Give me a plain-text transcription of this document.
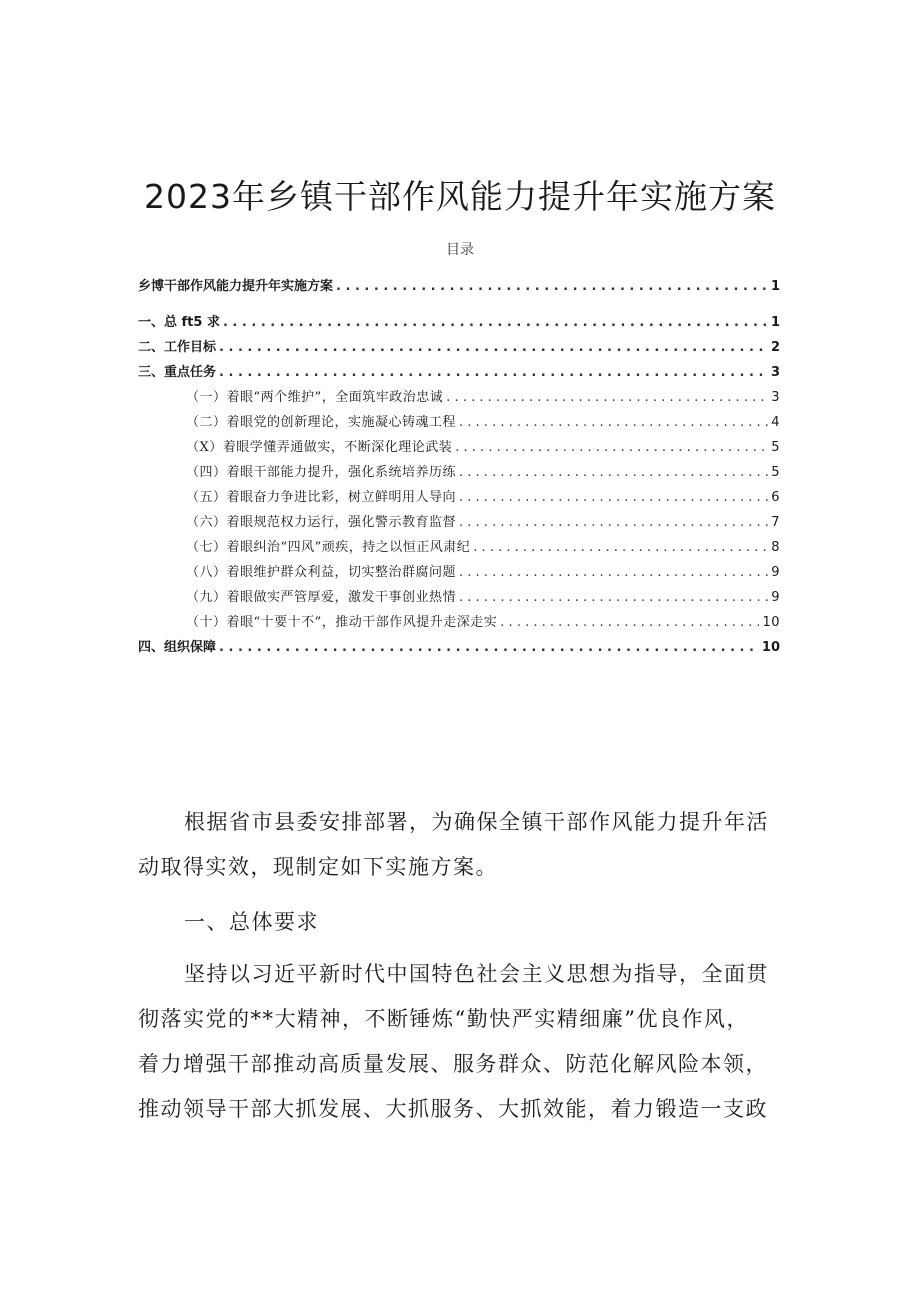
2023年乡镇干部作风能力提升年实施方案
目录
乡博干部作风能力提升年实施方案 . . .	1
一、总 ft5 求 . . .	1
二、工作目标 . . .	2
三、重点任务 . . .	3
（一）着眼“两个维护”，全面筑牢政治忠诚 . . .	3
（二）着眼党的创新理论，实施凝心铸魂工程 . . .	4
（X）着眼学懂弄通做实，不断深化理论武装 . . .	5
（四）着眼干部能力提升，强化系统培养历练 . . .	5
（五）着眼奋力争进比彩，树立鲜明用人导向 . . .	6
（六）着眼规范权力运行，强化警示教育监督 . . .	7
（七）着眼纠治“四风”顽疾，持之以恒正风肃纪 . . .	8
（八）着眼维护群众利益，切实整治群腐问题 . . .	9
（九）着眼做实严管厚爱，激发干事创业热情 . . .	9
（十）着眼“十要十不”，推动干部作风提升走深走实 . . .	10
四、组织保障 . . .	10
根据省市县委安排部署，为确保全镇干部作风能力提升年活
动取得实效，现制定如下实施方案。
一、总体要求
坚持以习近平新时代中国特色社会主义思想为指导，全面贯
彻落实党的**大精神，不断锤炼“勤快严实精细廉”优良作风，
着力增强干部推动高质量发展、服务群众、防范化解风险本领，
推动领导干部大抓发展、大抓服务、大抓效能，着力锻造一支政
